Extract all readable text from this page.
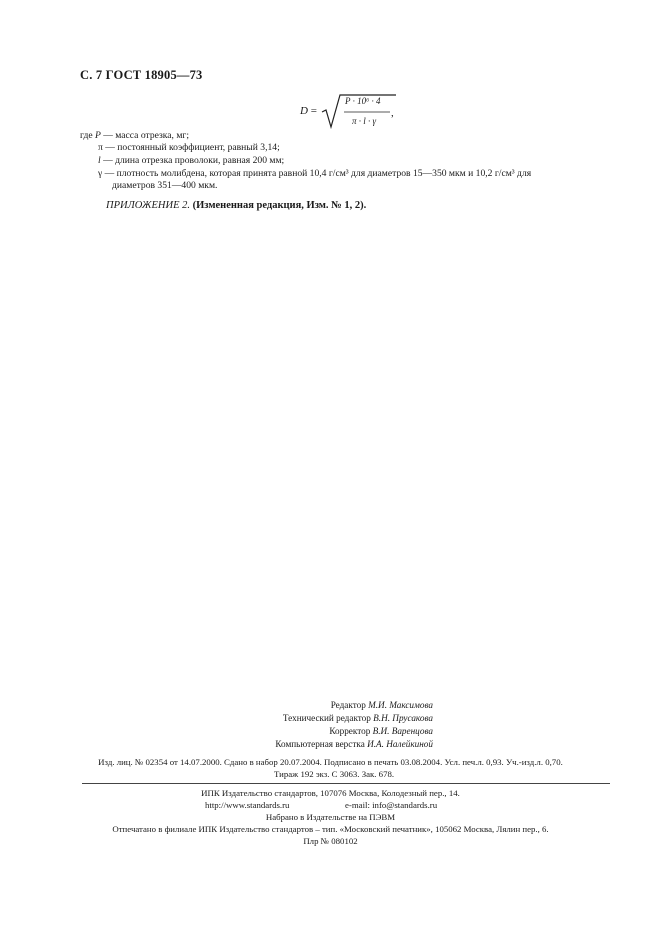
С. 7 ГОСТ 18905—73
D =
P · 10⁶ · 4
π · l · γ
,
где P — масса отрезка, мг;
π — постоянный коэффициент, равный 3,14;
l — длина отрезка проволоки, равная 200 мм;
γ — плотность молибдена, которая принята равной 10,4 г/см³ для диаметров 15—350 мкм и 10,2 г/см³ для
диаметров 351—400 мкм.
ПРИЛОЖЕНИЕ 2. (Измененная редакция, Изм. № 1, 2).
Редактор М.И. Максимова
Технический редактор В.Н. Прусакова
Корректор В.И. Варенцова
Компьютерная верстка И.А. Налейкиной
Изд. лиц. № 02354 от 14.07.2000. Сдано в набор 20.07.2004. Подписано в печать 03.08.2004. Усл. печ.л. 0,93. Уч.-изд.л. 0,70.
Тираж 192 экз. С 3063. Зак. 678.
ИПК Издательство стандартов, 107076 Москва, Колодезный пер., 14.
http://www.standards.ru	e-mail: info@standards.ru
Набрано в Издательстве на ПЭВМ
Отпечатано в филиале ИПК Издательство стандартов – тип. «Московский печатник», 105062 Москва, Лялин пер., 6.
Плр № 080102
